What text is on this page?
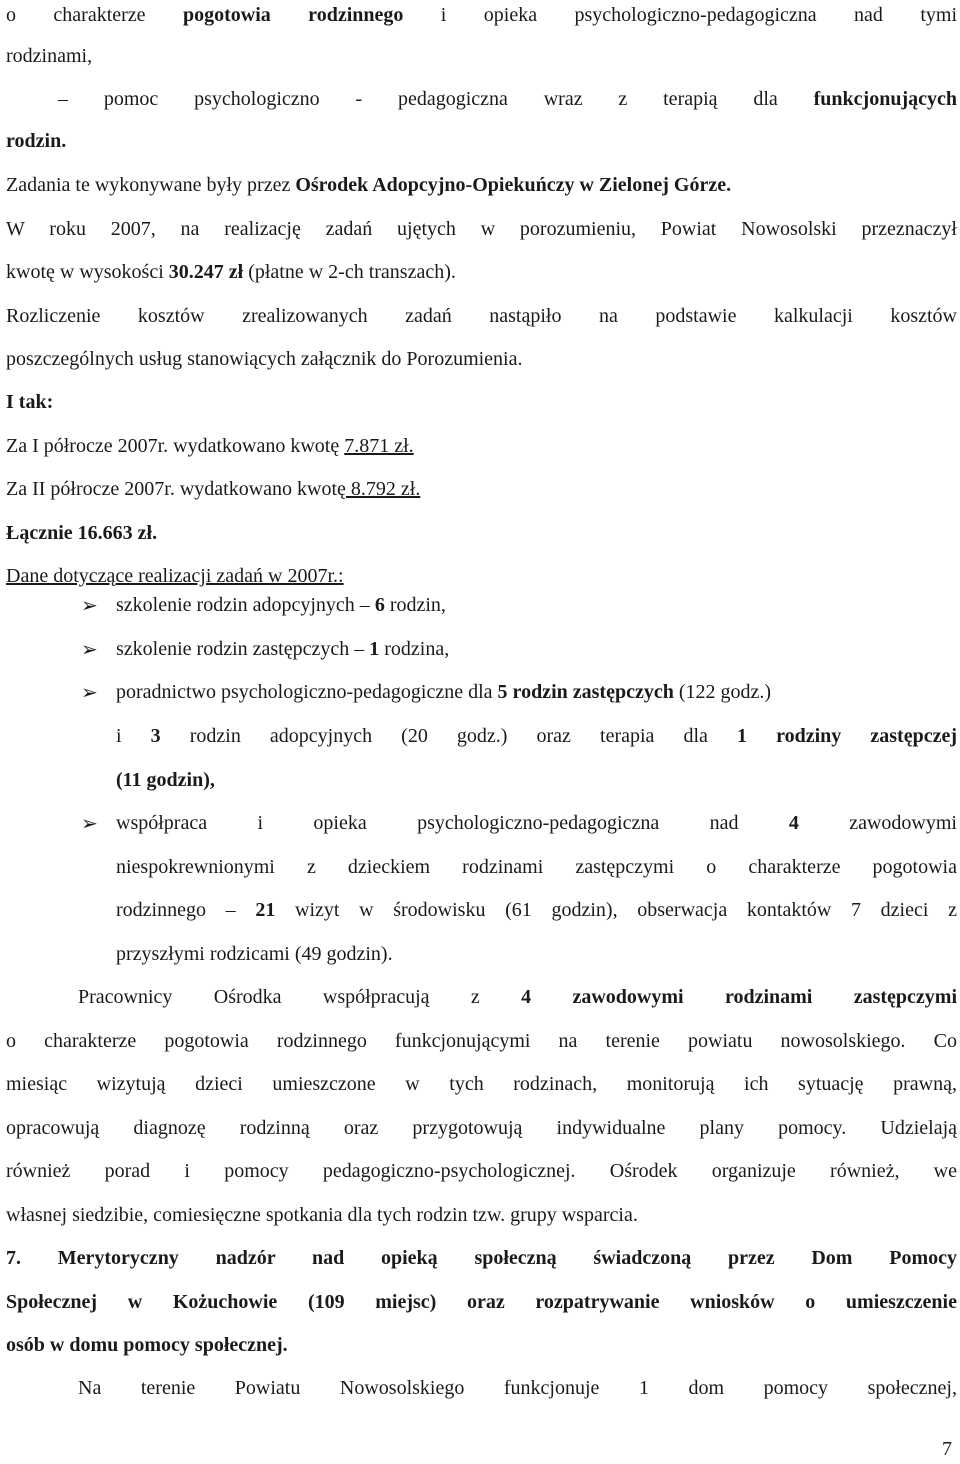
o charakterze pogotowia rodzinnego i opieka psychologiczno-pedagogiczna nad tymi
rodzinami,
– pomoc psychologiczno - pedagogiczna wraz z terapią dla funkcjonujących
rodzin.
Zadania te wykonywane były przez Ośrodek Adopcyjno-Opiekuńczy w Zielonej Górze.
W roku 2007, na realizację zadań ujętych w porozumieniu, Powiat Nowosolski przeznaczył
kwotę w wysokości 30.247 zł (płatne w 2-ch transzach).
Rozliczenie kosztów zrealizowanych zadań nastąpiło na podstawie kalkulacji kosztów
poszczególnych usług stanowiących załącznik do Porozumienia.
I tak:
Za I półrocze 2007r. wydatkowano kwotę 7.871 zł.
Za II półrocze 2007r. wydatkowano kwotę 8.792 zł.
Łącznie 16.663 zł.
Dane dotyczące realizacji zadań w 2007r.:
➢ szkolenie rodzin adopcyjnych – 6 rodzin,
➢ szkolenie rodzin zastępczych – 1 rodzina,
➢ poradnictwo psychologiczno-pedagogiczne dla 5 rodzin zastępczych (122 godz.)
i 3 rodzin adopcyjnych (20 godz.) oraz terapia dla 1 rodziny zastępczej
(11 godzin),
➢ współpraca i opieka psychologiczno-pedagogiczna nad 4 zawodowymi
niespokrewnionymi z dzieckiem rodzinami zastępczymi o charakterze pogotowia
rodzinnego – 21 wizyt w środowisku (61 godzin), obserwacja kontaktów 7 dzieci z
przyszłymi rodzicami (49 godzin).
Pracownicy Ośrodka współpracują z 4 zawodowymi rodzinami zastępczymi
o charakterze pogotowia rodzinnego funkcjonującymi na terenie powiatu nowosolskiego. Co
miesiąc wizytują dzieci umieszczone w tych rodzinach, monitorują ich sytuację prawną,
opracowują diagnozę rodzinną oraz przygotowują indywidualne plany pomocy. Udzielają
również porad i pomocy pedagogiczno-psychologicznej. Ośrodek organizuje również, we
własnej siedzibie, comiesięczne spotkania dla tych rodzin tzw. grupy wsparcia.
7. Merytoryczny nadzór nad opieką społeczną świadczoną przez Dom Pomocy
Społecznej w Kożuchowie (109 miejsc) oraz rozpatrywanie wniosków o umieszczenie
osób w domu pomocy społecznej.
Na terenie Powiatu Nowosolskiego funkcjonuje 1 dom pomocy społecznej,
7
